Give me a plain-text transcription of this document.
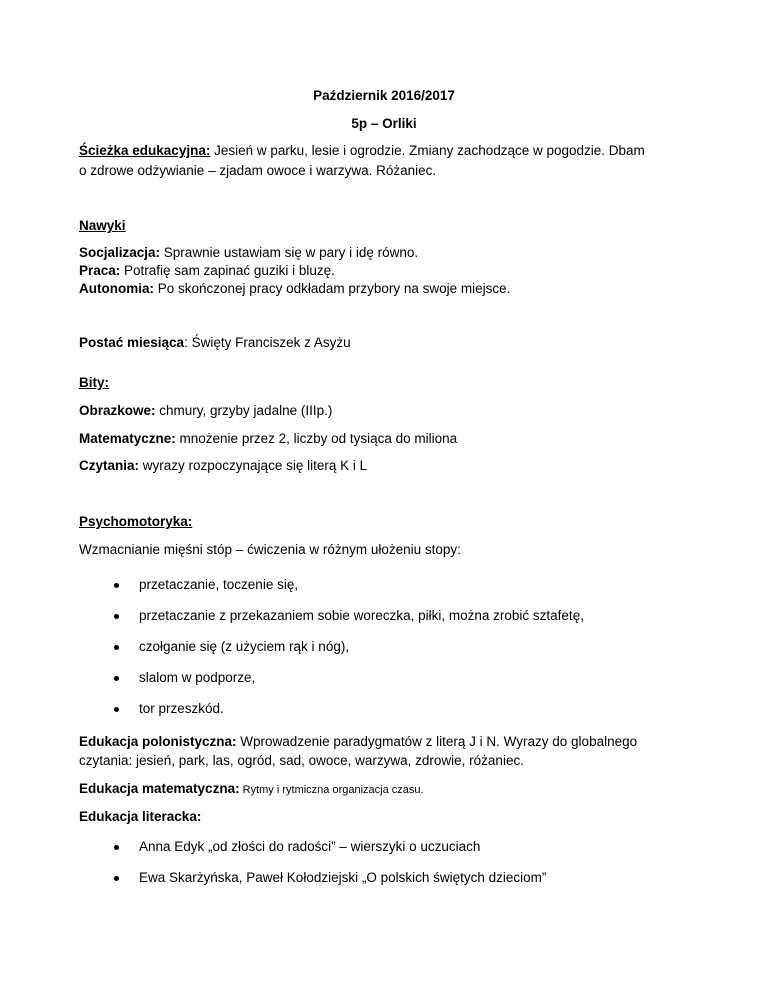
Październik 2016/2017
5p – Orliki
Ścieżka edukacyjna: Jesień w parku, lesie i ogrodzie. Zmiany zachodzące w pogodzie. Dbam
o zdrowe odżywianie – zjadam owoce i warzywa. Różaniec.
Nawyki
Socjalizacja: Sprawnie ustawiam się w pary i idę równo.
Praca: Potrafię sam zapinać guziki i bluzę.
Autonomia: Po skończonej pracy odkładam przybory na swoje miejsce.
Postać miesiąca: Święty Franciszek z Asyżu
Bity:
Obrazkowe: chmury, grzyby jadalne (IIIp.)
Matematyczne: mnożenie przez 2, liczby od tysiąca do miliona
Czytania: wyrazy rozpoczynające się literą K i L
Psychomotoryka:
Wzmacnianie mięśni stóp – ćwiczenia w różnym ułożeniu stopy:
przetaczanie, toczenie się,
przetaczanie z przekazaniem sobie woreczka, piłki, można zrobić sztafetę,
czołganie się (z użyciem rąk i nóg),
slalom w podporze,
tor przeszkód.
Edukacja polonistyczna: Wprowadzenie paradygmatów z literą J i N. Wyrazy do globalnego
czytania: jesień, park, las, ogród, sad, owoce, warzywa, zdrowie, różaniec.
Edukacja matematyczna: Rytmy i rytmiczna organizacja czasu.
Edukacja literacka:
Anna Edyk „od złości do radości” – wierszyki o uczuciach
Ewa Skarżyńska, Paweł Kołodziejski „O polskich świętych dzieciom”
